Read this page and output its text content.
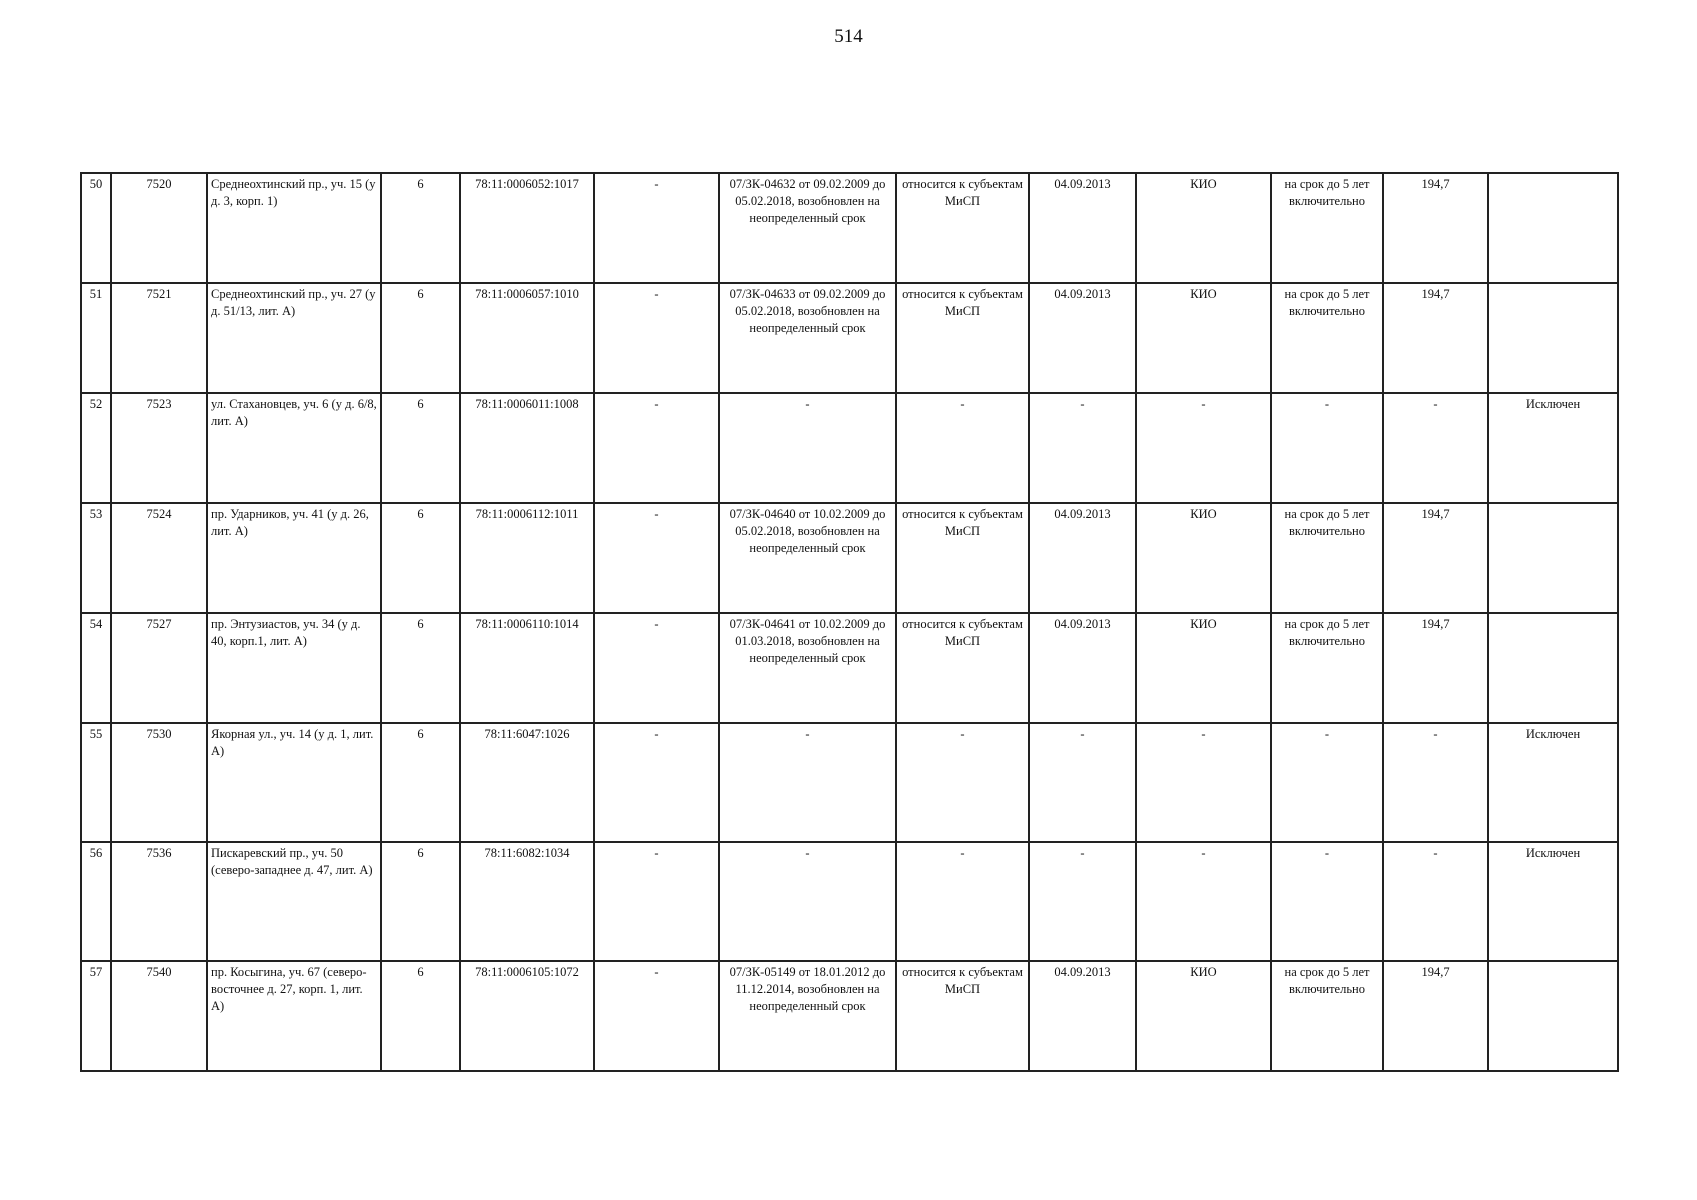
514
50	7520	Среднеохтинский пр., уч. 15 (у д. 3, корп. 1)	6	78:11:0006052:1017	-	07/ЗК-04632 от 09.02.2009 до 05.02.2018, возобновлен на неопределенный срок	относится к субъектам МиСП	04.09.2013	КИО	на срок до 5 лет включительно	194,7	
51	7521	Среднеохтинский пр., уч. 27 (у д. 51/13, лит. А)	6	78:11:0006057:1010	-	07/ЗК-04633 от 09.02.2009 до 05.02.2018, возобновлен на неопределенный срок	относится к субъектам МиСП	04.09.2013	КИО	на срок до 5 лет включительно	194,7	
52	7523	ул. Стахановцев, уч. 6 (у д. 6/8, лит. А)	6	78:11:0006011:1008	-	-	-	-	-	-	-	Исключен
53	7524	пр. Ударников, уч. 41 (у д. 26, лит. А)	6	78:11:0006112:1011	-	07/ЗК-04640 от 10.02.2009 до 05.02.2018, возобновлен на неопределенный срок	относится к субъектам МиСП	04.09.2013	КИО	на срок до 5 лет включительно	194,7	
54	7527	пр. Энтузиастов, уч. 34 (у д. 40, корп.1, лит. А)	6	78:11:0006110:1014	-	07/ЗК-04641 от 10.02.2009 до 01.03.2018, возобновлен на неопределенный срок	относится к субъектам МиСП	04.09.2013	КИО	на срок до 5 лет включительно	194,7	
55	7530	Якорная ул., уч. 14 (у д. 1, лит. А)	6	78:11:6047:1026	-	-	-	-	-	-	-	Исключен
56	7536	Пискаревский пр., уч. 50 (северо-западнее д. 47, лит. А)	6	78:11:6082:1034	-	-	-	-	-	-	-	Исключен
57	7540	пр. Косыгина, уч. 67 (северо-восточнее д. 27, корп. 1, лит. А)	6	78:11:0006105:1072	-	07/ЗК-05149 от 18.01.2012 до 11.12.2014, возобновлен на неопределенный срок	относится к субъектам МиСП	04.09.2013	КИО	на срок до 5 лет включительно	194,7	
